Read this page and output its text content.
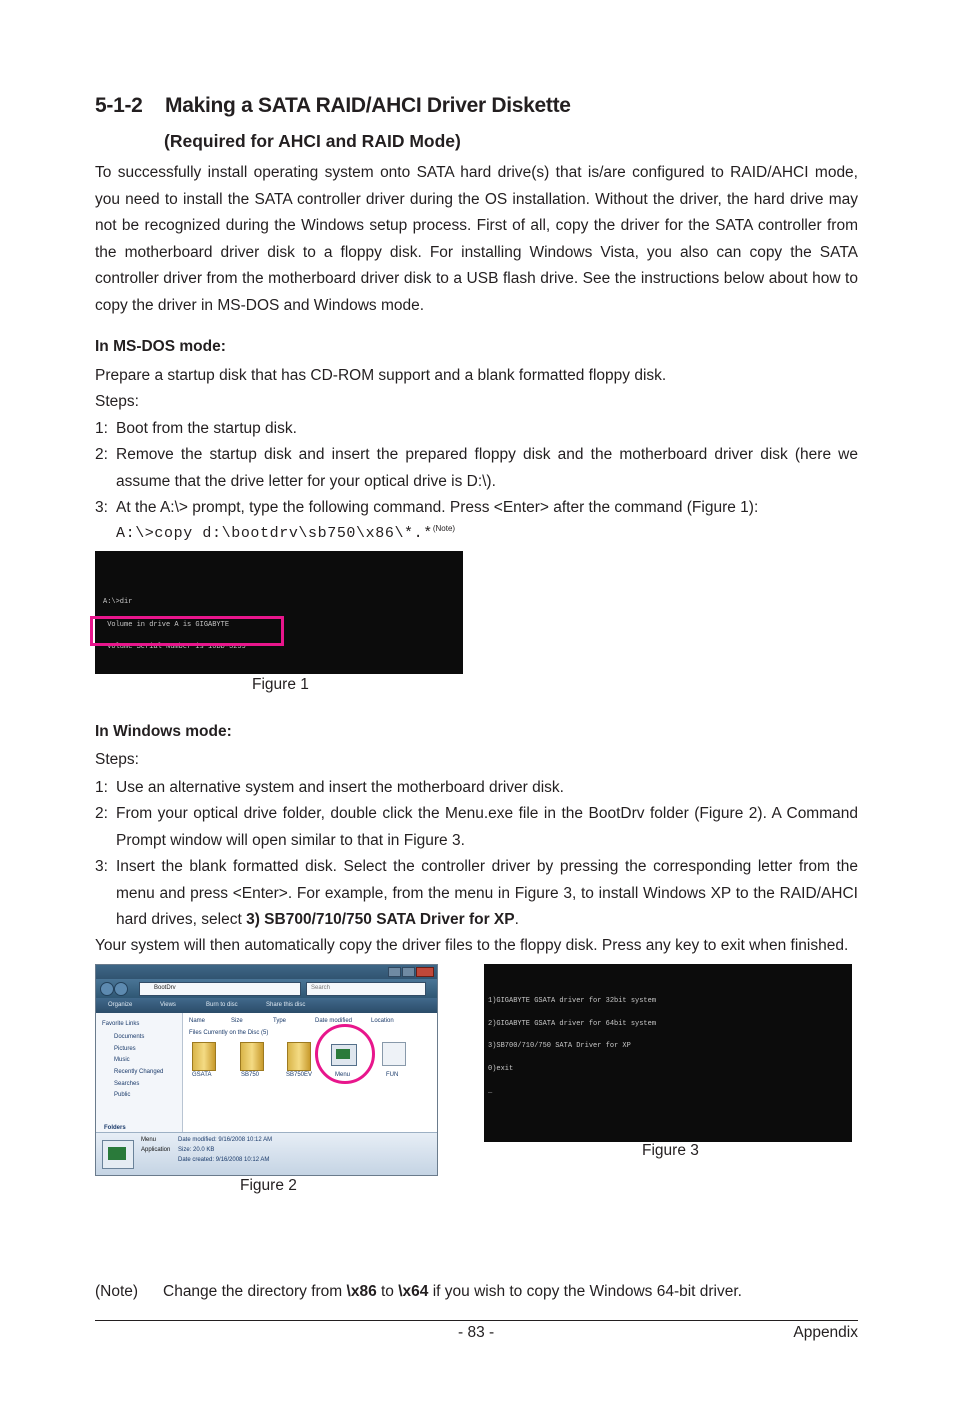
5-1-2 Making a SATA RAID/AHCI Driver Diskette
(Required for AHCI and RAID Mode)
To successfully install operating system onto SATA hard drive(s) that is/are configured to RAID/AHCI mode, you need to install the SATA controller driver during the OS installation. Without the driver, the hard drive may not be recognized during the Windows setup process. First of all, copy the driver for the SATA controller from the motherboard driver disk to a floppy disk. For installing Windows Vista, you also can copy the SATA controller driver from the motherboard driver disk to a USB flash drive. See the instructions below about how to copy the driver in MS-DOS and Windows mode.
In MS-DOS mode:
Prepare a startup disk that has CD-ROM support and a blank formatted floppy disk.
Steps:
1: Boot from the startup disk.
2: Remove the startup disk and insert the prepared floppy disk and the motherboard driver disk (here we assume that the drive letter for your optical drive is D:\).
3: At the A:\> prompt, type the following command. Press <Enter> after the command (Figure 1):
A:\>copy d:\bootdrv\sb750\x86\*.*$^{(Note)}$

A:\>dir

Volume in drive A is GIGABYTE

Volume Serial Number is 10BD-3259

Figure 1
In Windows mode:
Steps:
1: Use an alternative system and insert the motherboard driver disk.
2: From your optical drive folder, double click the Menu.exe file in the BootDrv folder (Figure 2). A Command Prompt window will open similar to that in Figure 3.
3: Insert the blank formatted disk. Select the controller driver by pressing the corresponding letter from the menu and press <Enter>. For example, from the menu in Figure 3, to install Windows XP to the RAID/AHCI hard drives, select 3) SB700/710/750 SATA Driver for XP.
Your system will then automatically copy the driver files to the floppy disk. Press any key to exit when finished.
BootDrv	Search
Organize	Views	Burn to disc	Share this disc
Favorite Links
Documents
Pictures
Music
Recently Changed
Searches
Public
Folders
Name	Size	Type	Date modified	Location
Files Currently on the Disc (5)
GSATA	SB750	SB750EV	Menu	FUN
Menu
Application
Date modified: 9/16/2008 10:12 AM
Size: 20.0 KB
Date created: 9/16/2008 10:12 AM
Figure 2

1)GIGABYTE GSATA driver for 32bit system

2)GIGABYTE GSATA driver for 64bit system

3)SB700/710/750 SATA Driver for XP

0)exit

_

Figure 3
(Note) Change the directory from \x86 to \x64 if you wish to copy the Windows 64-bit driver.
- 83 -	Appendix
